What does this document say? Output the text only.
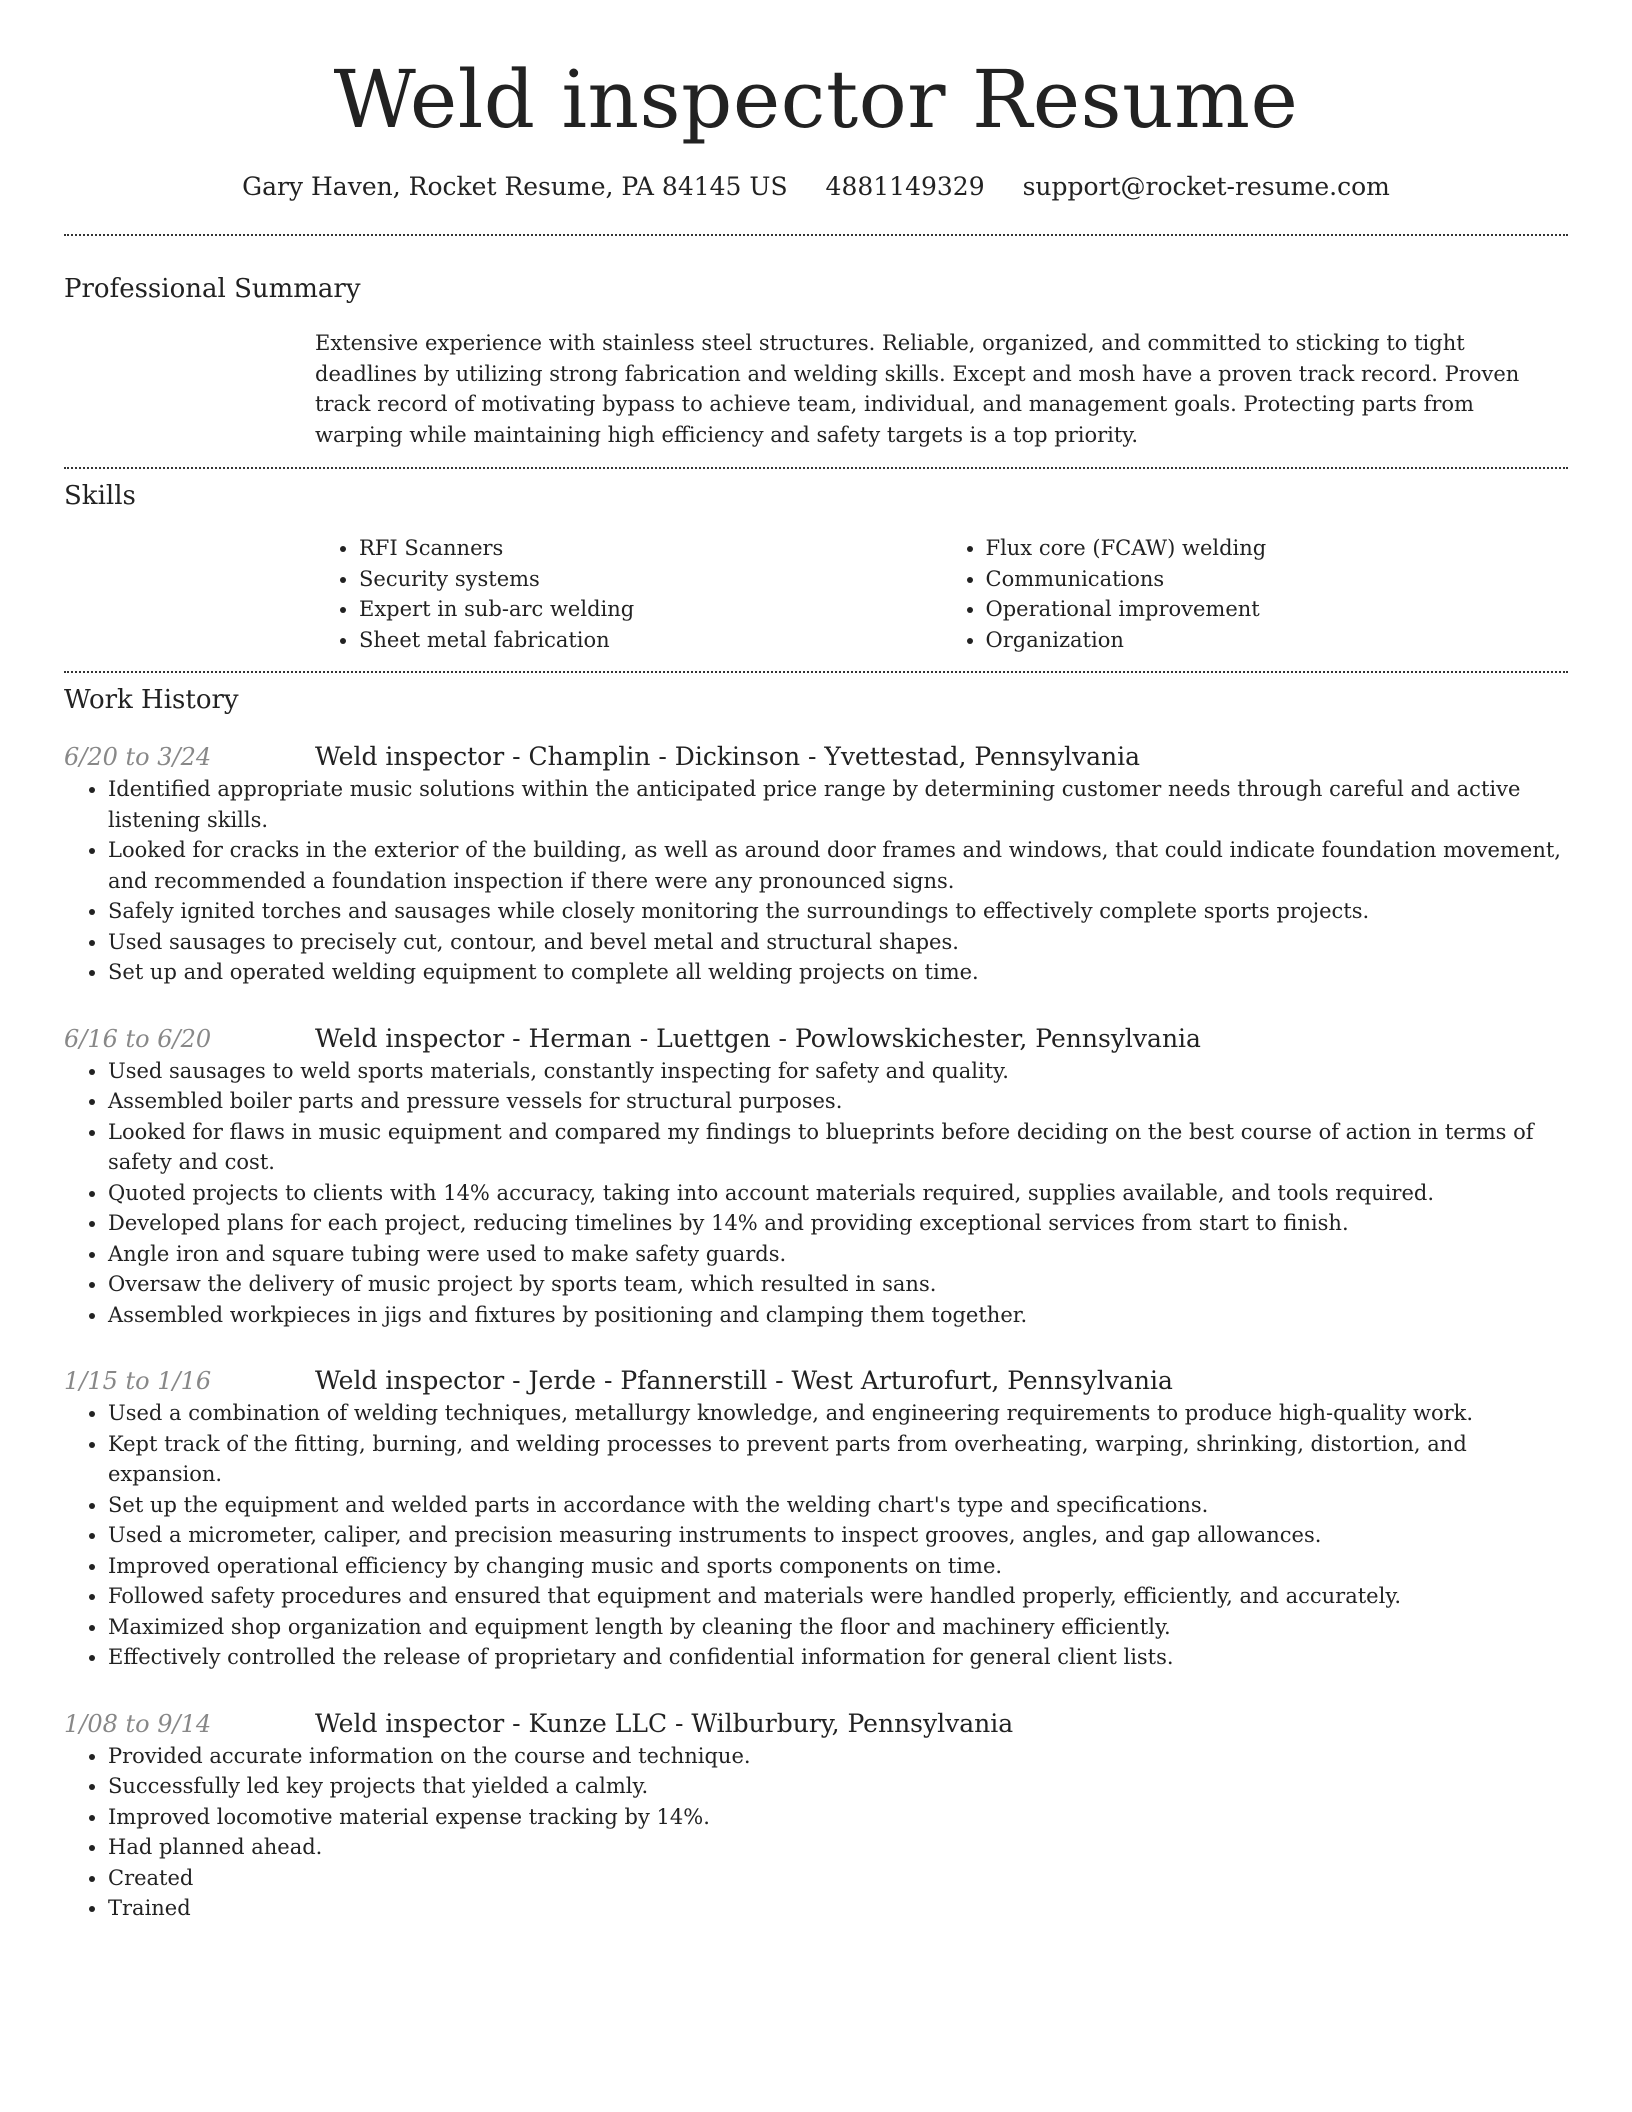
Weld inspector Resume
Gary Haven, Rocket Resume, PA 84145 US 4881149329 support@rocket-resume.com
Professional Summary
Extensive experience with stainless steel structures. Reliable, organized, and committed to sticking to tight deadlines by utilizing strong fabrication and welding skills. Except and mosh have a proven track record. Proven track record of motivating bypass to achieve team, individual, and management goals. Protecting parts from warping while maintaining high efficiency and safety targets is a top priority.
Skills
• RFI Scanners
• Security systems
• Expert in sub-arc welding
• Sheet metal fabrication
• Flux core (FCAW) welding
• Communications
• Operational improvement
• Organization
Work History
6/20 to 3/24	Weld inspector - Champlin - Dickinson - Yvettestad, Pennsylvania
• Identified appropriate music solutions within the anticipated price range by determining customer needs through careful and active listening skills.
• Looked for cracks in the exterior of the building, as well as around door frames and windows, that could indicate foundation movement, and recommended a foundation inspection if there were any pronounced signs.
• Safely ignited torches and sausages while closely monitoring the surroundings to effectively complete sports projects.
• Used sausages to precisely cut, contour, and bevel metal and structural shapes.
• Set up and operated welding equipment to complete all welding projects on time.
6/16 to 6/20	Weld inspector - Herman - Luettgen - Powlowskichester, Pennsylvania
• Used sausages to weld sports materials, constantly inspecting for safety and quality.
• Assembled boiler parts and pressure vessels for structural purposes.
• Looked for flaws in music equipment and compared my findings to blueprints before deciding on the best course of action in terms of safety and cost.
• Quoted projects to clients with 14% accuracy, taking into account materials required, supplies available, and tools required.
• Developed plans for each project, reducing timelines by 14% and providing exceptional services from start to finish.
• Angle iron and square tubing were used to make safety guards.
• Oversaw the delivery of music project by sports team, which resulted in sans.
• Assembled workpieces in jigs and fixtures by positioning and clamping them together.
1/15 to 1/16	Weld inspector - Jerde - Pfannerstill - West Arturofurt, Pennsylvania
• Used a combination of welding techniques, metallurgy knowledge, and engineering requirements to produce high-quality work.
• Kept track of the fitting, burning, and welding processes to prevent parts from overheating, warping, shrinking, distortion, and expansion.
• Set up the equipment and welded parts in accordance with the welding chart's type and specifications.
• Used a micrometer, caliper, and precision measuring instruments to inspect grooves, angles, and gap allowances.
• Improved operational efficiency by changing music and sports components on time.
• Followed safety procedures and ensured that equipment and materials were handled properly, efficiently, and accurately.
• Maximized shop organization and equipment length by cleaning the floor and machinery efficiently.
• Effectively controlled the release of proprietary and confidential information for general client lists.
1/08 to 9/14	Weld inspector - Kunze LLC - Wilburbury, Pennsylvania
• Provided accurate information on the course and technique.
• Successfully led key projects that yielded a calmly.
• Improved locomotive material expense tracking by 14%.
• Had planned ahead.
• Created
• Trained
